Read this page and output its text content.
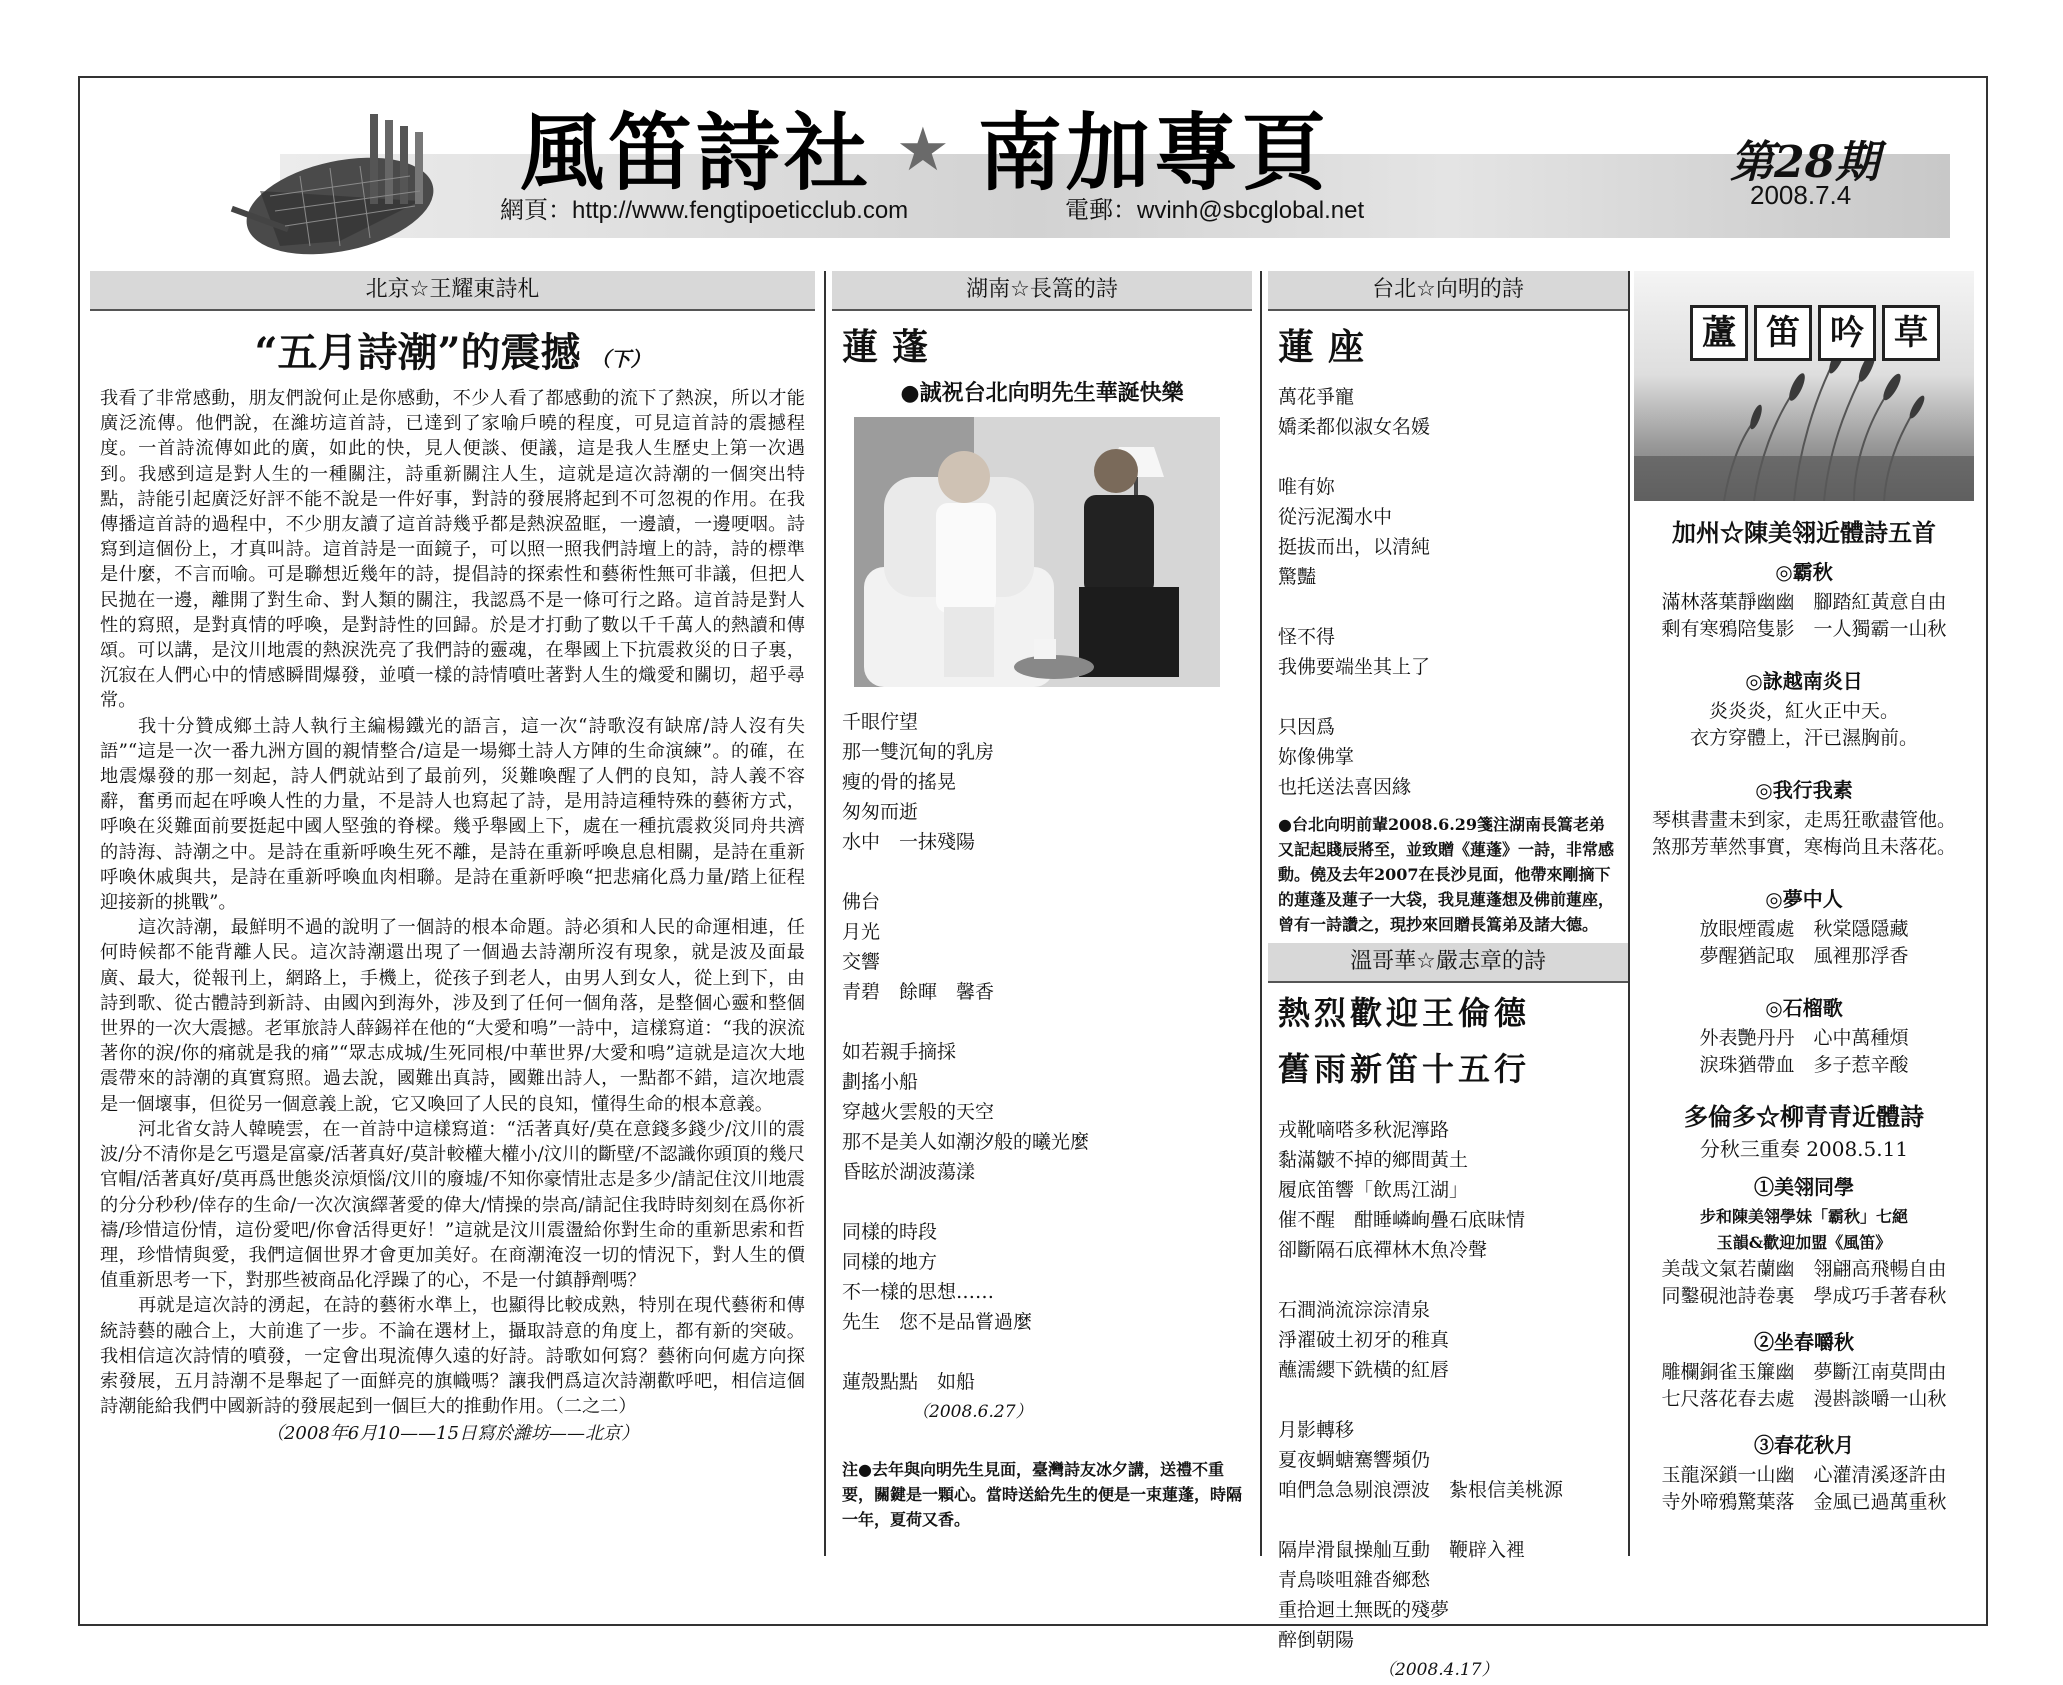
風笛詩社 ★ 南加專頁
網頁：http://www.fengtipoeticclub.com	電郵：wvinh@sbcglobal.net
第28期
2008.7.4
北京☆王耀東詩札
“五月詩潮”的震撼 （下）

我看了非常感動，朋友們說何止是你感動，不少人看了都感動的流下了熱淚，所以才能廣泛流傳。他們說，在濰坊這首詩，已達到了家喻戶曉的程度，可見這首詩的震撼程度。一首詩流傳如此的廣，如此的快，見人便談、便議，這是我人生歷史上第一次遇到。我感到這是對人生的一種關注，詩重新關注人生，這就是這次詩潮的一個突出特點，詩能引起廣泛好評不能不說是一件好事，對詩的發展將起到不可忽視的作用。在我傳播這首詩的過程中，不少朋友讀了這首詩幾乎都是熱淚盈眶，一邊讀，一邊哽咽。詩寫到這個份上，才真叫詩。這首詩是一面鏡子，可以照一照我們詩壇上的詩，詩的標準是什麼，不言而喻。可是聯想近幾年的詩，提倡詩的探索性和藝術性無可非議，但把人民拋在一邊，離開了對生命、對人類的關注，我認爲不是一條可行之路。這首詩是對人性的寫照，是對真情的呼喚，是對詩性的回歸。於是才打動了數以千千萬人的熱讀和傳頌。可以講，是汶川地震的熱淚洗亮了我們詩的靈魂，在舉國上下抗震救災的日子裏，沉寂在人們心中的情感瞬間爆發，並噴一樣的詩情噴吐著對人生的熾愛和關切，超乎尋常。

我十分贊成鄉土詩人執行主編楊鐵光的語言，這一次“詩歌沒有缺席/詩人沒有失語”“這是一次一番九洲方圓的親情整合/這是一場鄉土詩人方陣的生命演練”。的確，在地震爆發的那一刻起，詩人們就站到了最前列，災難喚醒了人們的良知，詩人義不容辭，奮勇而起在呼喚人性的力量，不是詩人也寫起了詩，是用詩這種特殊的藝術方式，呼喚在災難面前要挺起中國人堅強的脊樑。幾乎舉國上下，處在一種抗震救災同舟共濟的詩海、詩潮之中。是詩在重新呼喚生死不離，是詩在重新呼喚息息相關，是詩在重新呼喚休戚與共，是詩在重新呼喚血肉相聯。是詩在重新呼喚“把悲痛化爲力量/踏上征程迎接新的挑戰”。

這次詩潮，最鮮明不過的說明了一個詩的根本命題。詩必須和人民的命運相連，任何時候都不能背離人民。這次詩潮還出現了一個過去詩潮所沒有現象，就是波及面最廣、最大，從報刊上，網路上，手機上，從孩子到老人，由男人到女人，從上到下，由詩到歌、從古體詩到新詩、由國內到海外，涉及到了任何一個角落，是整個心靈和整個世界的一次大震撼。老軍旅詩人薛錫祥在他的“大愛和鳴”一詩中，這樣寫道：“我的淚流著你的淚/你的痛就是我的痛”“眾志成城/生死同根/中華世界/大愛和鳴”這就是這次大地震帶來的詩潮的真實寫照。過去說，國難出真詩，國難出詩人，一點都不錯，這次地震是一個壞事，但從另一個意義上說，它又喚回了人民的良知，懂得生命的根本意義。

河北省女詩人韓曉雲，在一首詩中這樣寫道：“活著真好/莫在意錢多錢少/汶川的震波/分不清你是乞丐還是富豪/活著真好/莫計較權大權小/汶川的斷壁/不認識你頭頂的幾尺官帽/活著真好/莫再爲世態炎涼煩惱/汶川的廢墟/不知你豪情壯志是多少/請記住汶川地震的分分秒秒/倖存的生命/一次次演繹著愛的偉大/情操的崇高/請記住我時時刻刻在爲你祈禱/珍惜這份情，這份愛吧/你會活得更好！”這就是汶川震盪給你對生命的重新思索和哲理，珍惜情與愛，我們這個世界才會更加美好。在商潮淹沒一切的情況下，對人生的價值重新思考一下，對那些被商品化浮躁了的心，不是一付鎮靜劑嗎？

再就是這次詩的湧起，在詩的藝術水準上，也顯得比較成熟，特別在現代藝術和傳統詩藝的融合上，大前進了一步。不論在選材上，攝取詩意的角度上，都有新的突破。我相信這次詩情的噴發，一定會出現流傳久遠的好詩。詩歌如何寫？藝術向何處方向探索發展，五月詩潮不是舉起了一面鮮亮的旗幟嗎？讓我們爲這次詩潮歡呼吧，相信這個詩潮能給我們中國新詩的發展起到一個巨大的推動作用。（二之二）

（2008年6月10——15日寫於濰坊——北京）
湖南☆長篙的詩
蓮蓬
●誠祝台北向明先生華誕快樂
千眼佇望
那一雙沉甸的乳房
瘦的骨的搖晃
匆匆而逝
水中　一抹殘陽
佛台
月光
交響
青碧　餘暉　馨香
如若親手摘採
劃搖小船
穿越火雲般的天空
那不是美人如潮汐般的曦光麼
昏眩於湖波蕩漾
同樣的時段
同樣的地方
不一樣的思想……
先生　您不是品嘗過麼
蓮殼點點　如船
（2008.6.27）
注●去年與向明先生見面，臺灣詩友冰夕講，送禮不重要，關鍵是一顆心。當時送給先生的便是一束蓮蓬，時隔一年，夏荷又香。
台北☆向明的詩
蓮座
萬花爭寵
嬌柔都似淑女名媛
唯有妳
從污泥濁水中
挺拔而出，以清純
驚豔
怪不得
我佛要端坐其上了
只因爲
妳像佛掌
也托送法喜因緣
●台北向明前輩2008.6.29箋注湖南長篙老弟又記起賤辰將至，並致贈《蓮蓬》一詩，非常感動。僥及去年2007在長沙見面，他帶來剛摘下的蓮蓬及蓮子一大袋，我見蓮蓬想及佛前蓮座，曾有一詩讚之，現抄來回贈長篙弟及諸大德。
溫哥華☆嚴志章的詩
熱烈歡迎王倫德
舊雨新笛十五行
戎靴嘀嗒多秋泥濘路
黏滿皺不掉的鄉間黃土
履底笛響「飲馬江湖」
催不醒　酣睡嶙峋疊石底昧情
卻斷隔石底禪林木魚冷聲
石澗淌流淙淙清泉
淨濯破土初牙的稚真
蘸濡纓下銑橫的紅唇
月影轉移
夏夜蜩螗騫響頻仍
咱們急急剔浪漂波　紮根信美桃源
隔岸滑鼠操舢互動　鞭辟入裡
青鳥啖咀雜沓鄉愁
重拾迴土無既的殘夢
醉倒朝陽
（2008.4.17）
蘆 笛 吟 草
加州☆陳美翎近體詩五首
◎霸秋
滿林落葉靜幽幽　腳踏紅黃意自由
剩有寒鴉陪隻影　一人獨霸一山秋
◎詠越南炎日
炎炎炎，紅火正中天。
衣方穿體上，汗已濕胸前。
◎我行我素
琴棋書畫未到家，走馬狂歌盡管他。
煞那芳華然事實，寒梅尚且未落花。
◎夢中人
放眼煙霞處　秋棠隱隱藏
夢醒猶記取　風裡那浮香
◎石榴歌
外表艷丹丹　心中萬種煩
淚珠猶帶血　多子惹辛酸
多倫多☆柳青青近體詩
分秋三重奏 2008.5.11
①美翎同學
步和陳美翎學妹「霸秋」七絕
玉韻&歡迎加盟《風笛》
美哉文氣若蘭幽　翎翩高飛暢自由
同鑿硯池詩卷裏　學成巧手著春秋
②坐春嚼秋
雕欄銅雀玉簾幽　夢斷江南莫問由
七尺落花春去處　漫斟談嚼一山秋
③春花秋月
玉龍深鎖一山幽　心灌清溪逐許由
寺外啼鴉驚葉落　金風已過萬重秋
